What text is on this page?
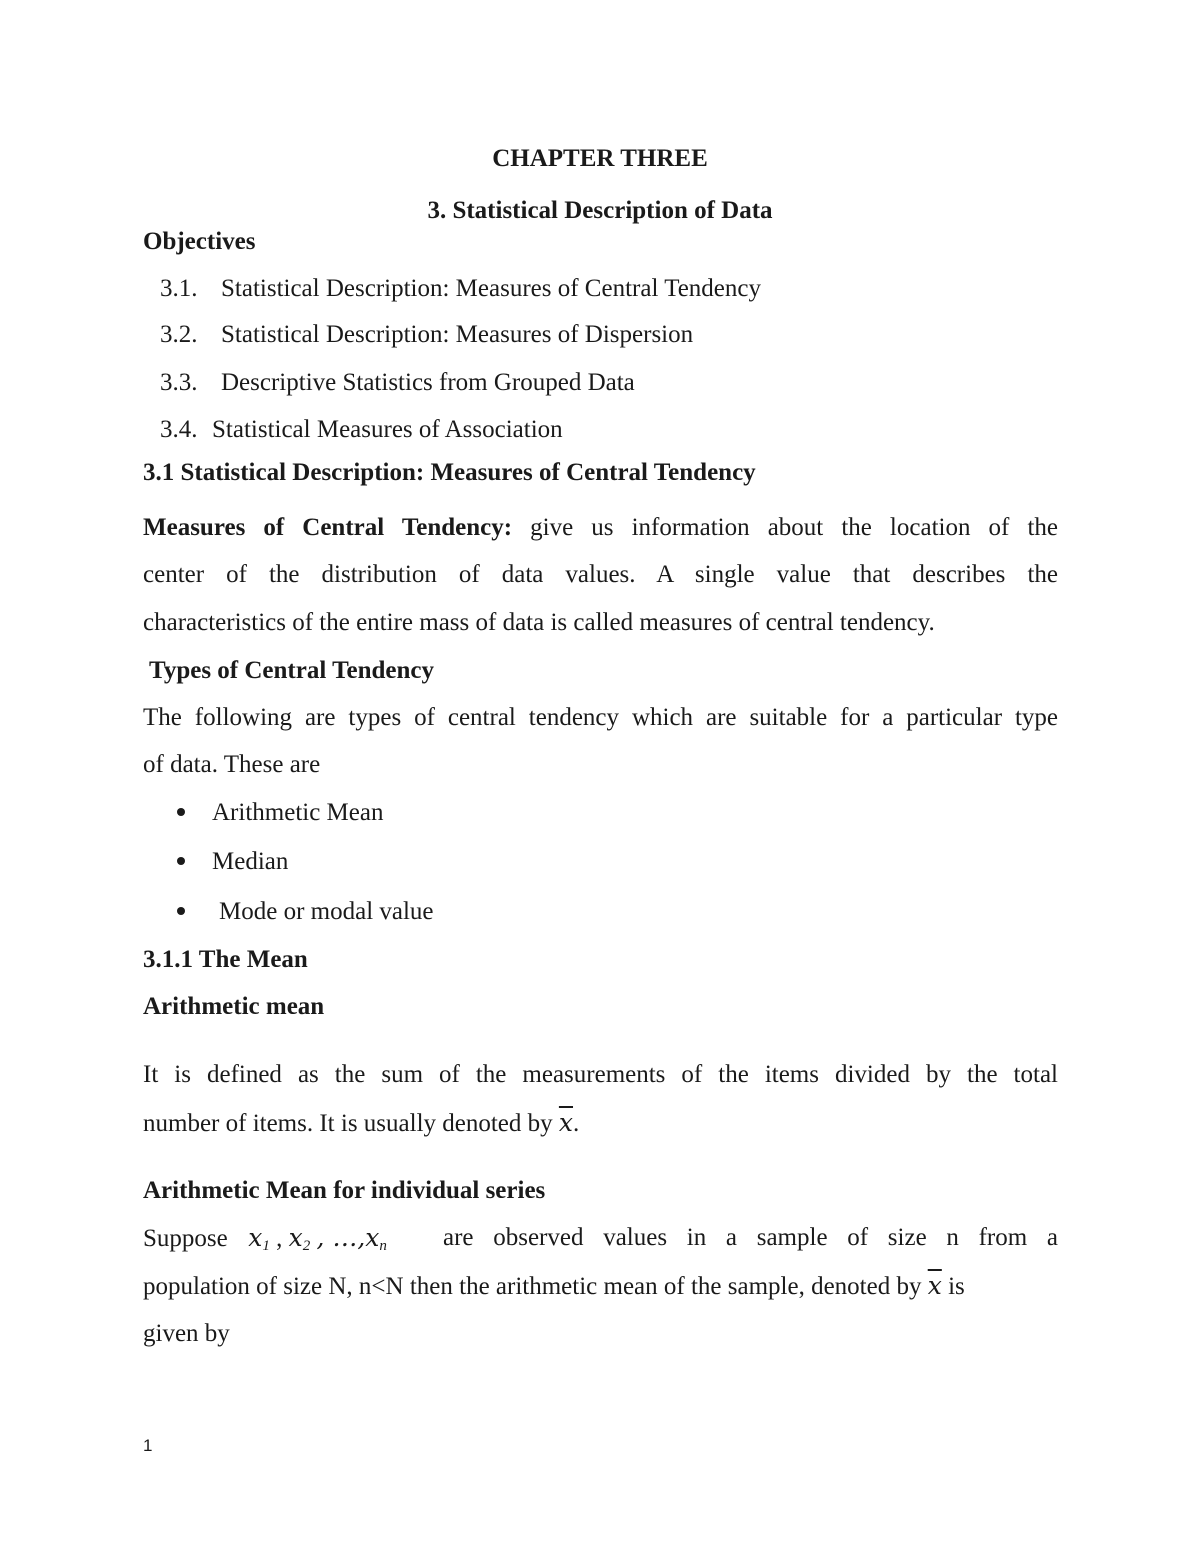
CHAPTER THREE
3. Statistical Description of Data
Objectives
3.1. Statistical Description: Measures of Central Tendency
3.2. Statistical Description: Measures of Dispersion
3.3. Descriptive Statistics from Grouped Data
3.4. Statistical Measures of Association
3.1 Statistical Description: Measures of Central Tendency
Measures of Central Tendency: give us information about the location of the
center of the distribution of data values. A single value that describes the
characteristics of the entire mass of data is called measures of central tendency.
Types of Central Tendency
The following are types of central tendency which are suitable for a particular type
of data. These are
Arithmetic Mean
Median
Mode or modal value
3.1.1 The Mean
Arithmetic mean
It is defined as the sum of the measurements of the items divided by the total
number of items. It is usually denoted by $\overline{x}$.
Arithmetic Mean for individual series
Suppose $x_1$ , $x_2$ , $\dots,x_n$ are observed values in a sample of size n from a
population of size N, n<N then the arithmetic mean of the sample, denoted by $\overline{x}$ is
given by
1
